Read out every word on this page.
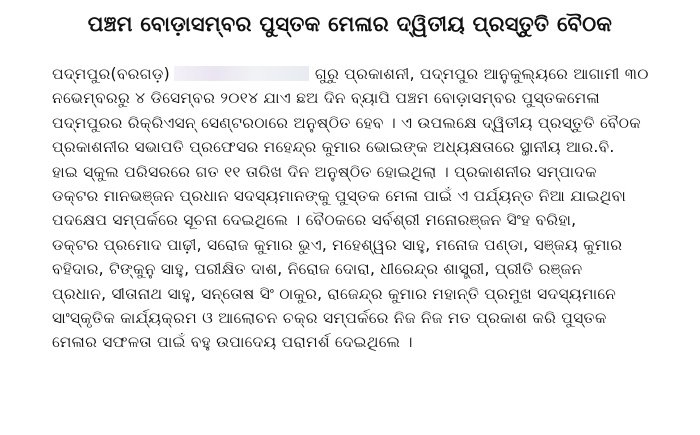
ପଞ୍ଚମ ବୋଡ଼ାସମ୍ବର ପୁସ୍ତକ ମେଳାର ଦ୍ୱିତୀୟ ପ୍ରସ୍ତୁତି ବୈଠକ
ପଦ୍ମପୁର(ବରଗଡ଼)	ଗୁରୁ ପ୍ରକାଶନୀ, ପଦ୍ମପୁର ଆନୁକୁଲ୍ୟରେ ଆଗାମୀ ୩୦
ନଭେମ୍ବରରୁ ୪ ଡିସେମ୍ବର ୨୦୧୪ ଯାଏ ଛଅ ଦିନ ବ୍ୟାପି ପଞ୍ଚମ ବୋଡ଼ାସମ୍ବର ପୁସ୍ତକମେଳା
ପଦ୍ମପୁରର ରିକ୍ରିଏସନ୍ ସେଣ୍ଟରଠାରେ ଅନୁଷ୍ଠିତ ହେବ । ଏ ଉପଲକ୍ଷେ ଦ୍ୱିତୀୟ ପ୍ରସ୍ତୁତି ବୈଠକ
ପ୍ରକାଶନୀର ସଭାପତି ପ୍ରଫେସର ମହେନ୍ଦ୍ର କୁମାର ଭୋଇଙ୍କ ଅଧ୍ୟକ୍ଷତାରେ ସ୍ଥାନୀୟ ଆର.ବି.
ହାଇ ସ୍କୁଲ ପରିସରରେ ଗତ ୧୧ ତାରିଖ ଦିନ ଅନୁଷ୍ଠିତ ହୋଇଥିଲା । ପ୍ରକାଶନୀର ସମ୍ପାଦକ
ଡକ୍ଟର ମାନଭଞ୍ଜନ ପ୍ରଧାନ ସଦସ୍ୟମାନଙ୍କୁ ପୁସ୍ତକ ମେଳା ପାଇଁ ଏ ପର୍ଯ୍ୟନ୍ତ ନିଆ ଯାଇଥିବା
ପଦକ୍ଷେପ ସମ୍ପର୍କରେ ସୂଚନା ଦେଇଥିଲେ । ବୈଠକରେ ସର୍ବଶ୍ରୀ ମନୋରଞ୍ଜନ ସିଂହ ବରିହା,
ଡକ୍ଟର ପ୍ରମୋଦ ପାଢ଼ୀ, ସରୋଜ କୁମାର ଭୁଏ, ମହେଶ୍ୱର ସାହୁ, ମନୋଜ ପଣ୍ଡା, ସଞ୍ଜୟ କୁମାର
ବହିଦାର, ଟିଙ୍କୁନୁ ସାହୁ, ପରୀକ୍ଷିତ ଦାଶ, ନିରୋଜ ଦୋରା, ଧୀରେନ୍ଦ୍ର ଶାସ୍ତ୍ରୀ, ପ୍ରୀତି ରଞ୍ଜନ
ପ୍ରଧାନ, ସୀତାନାଥ ସାହୁ, ସନ୍ତୋଷ ସିଂ ଠାକୁର, ରାଜେନ୍ଦ୍ର କୁମାର ମହାନ୍ତି ପ୍ରମୁଖ ସଦସ୍ୟମାନେ
ସାଂସ୍କୃତିକ କାର୍ଯ୍ୟକ୍ରମ ଓ ଆଲୋଚନ ଚକ୍ର ସମ୍ପର୍କରେ ନିଜ ନିଜ ମତ ପ୍ରକାଶ କରି ପୁସ୍ତକ
ମେଳାର ସଫଳତା ପାଇଁ ବହୁ ଉପାଦେୟ ପରାମର୍ଶ ଦେଇଥିଲେ ।
